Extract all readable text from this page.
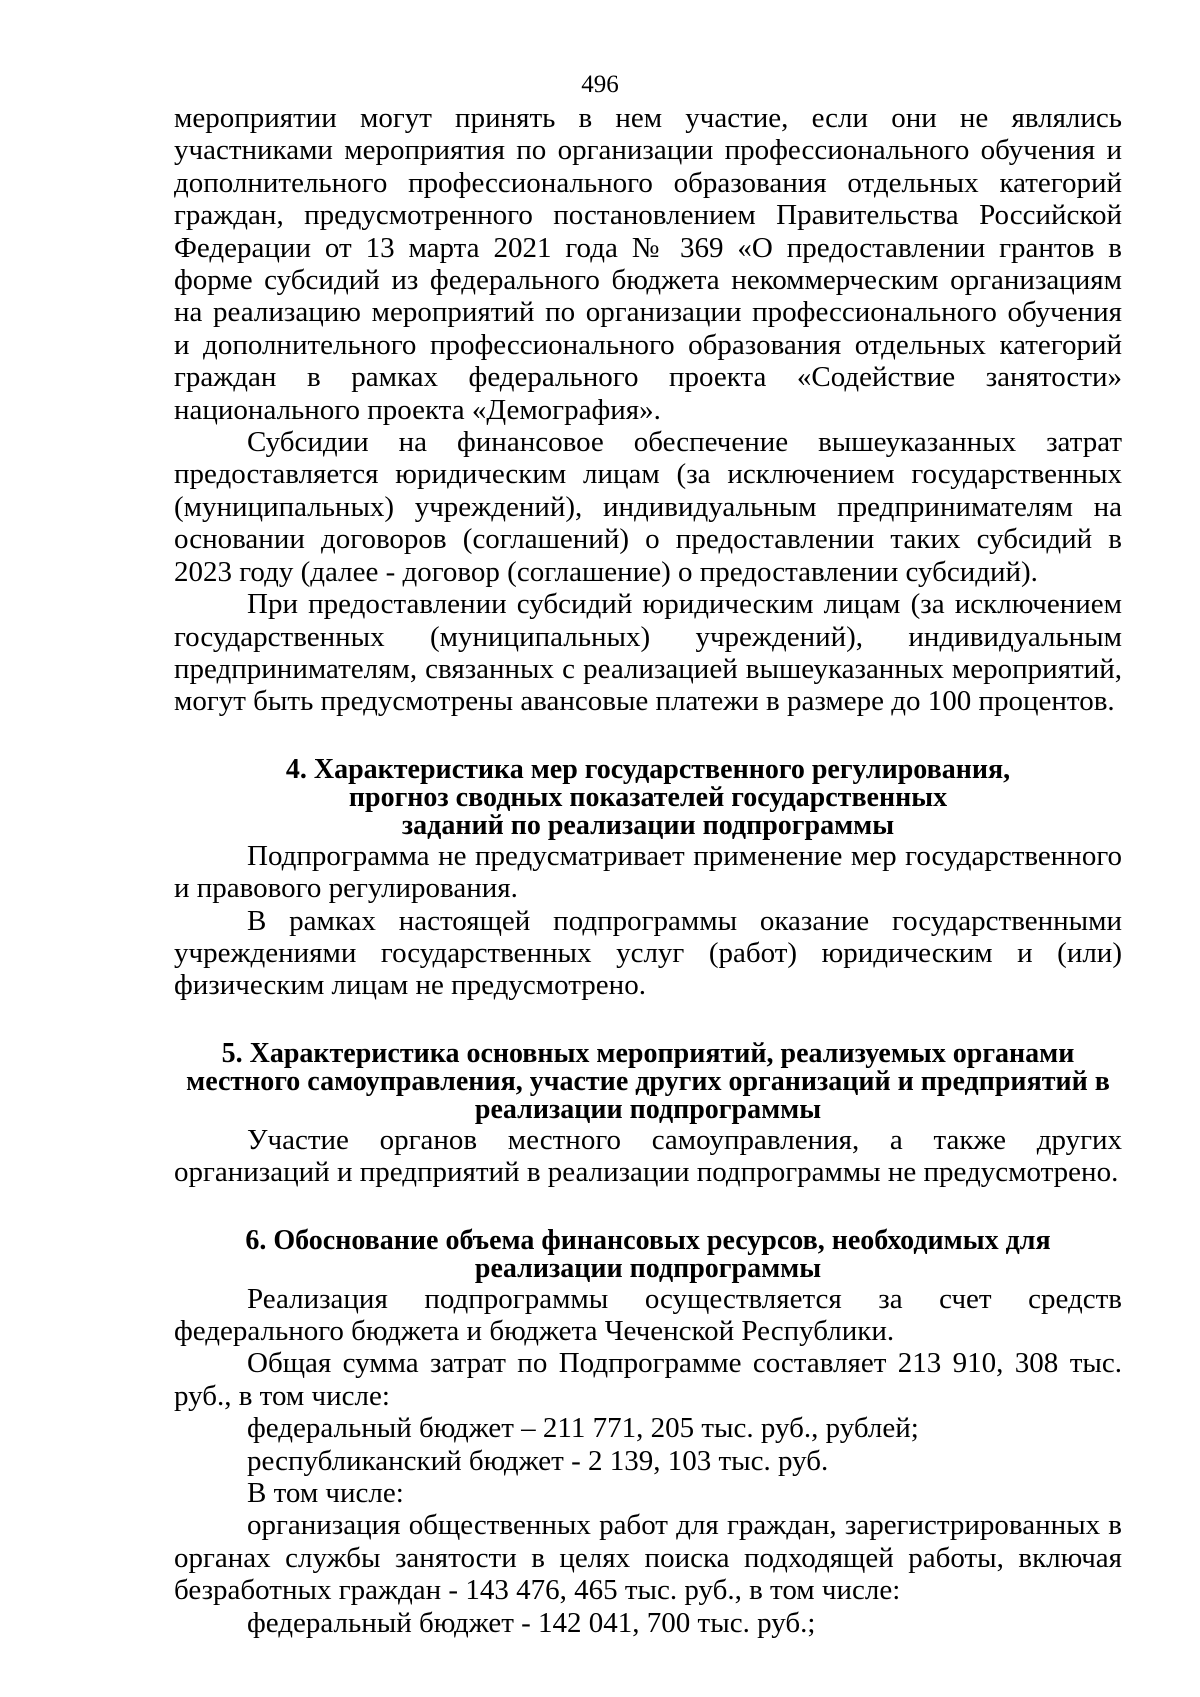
496

мероприятии могут принять в нем участие, если они не являлись участниками мероприятия по организации профессионального обучения и дополнительного профессионального образования отдельных категорий граждан, предусмотренного постановлением Правительства Российской Федерации от 13 марта 2021 года № 369 «О предоставлении грантов в форме субсидий из федерального бюджета некоммерческим организациям на реализацию мероприятий по организации профессионального обучения и дополнительного профессионального образования отдельных категорий граждан в рамках федерального проекта «Содействие занятости» национального проекта «Демография».

Субсидии на финансовое обеспечение вышеуказанных затрат предоставляется юридическим лицам (за исключением государственных (муниципальных) учреждений), индивидуальным предпринимателям на основании договоров (соглашений) о предоставлении таких субсидий в 2023 году (далее - договор (соглашение) о предоставлении субсидий).

При предоставлении субсидий юридическим лицам (за исключением государственных (муниципальных) учреждений), индивидуальным предпринимателям, связанных с реализацией вышеуказанных мероприятий, могут быть предусмотрены авансовые платежи в размере до 100 процентов.

4. Характеристика мер государственного регулирования,

прогноз сводных показателей государственных

заданий по реализации подпрограммы

Подпрограмма не предусматривает применение мер государственного и правового регулирования.

В рамках настоящей подпрограммы оказание государственными учреждениями государственных услуг (работ) юридическим и (или) физическим лицам не предусмотрено.

5. Характеристика основных мероприятий, реализуемых органами

местного самоуправления, участие других организаций и предприятий в

реализации подпрограммы

Участие органов местного самоуправления, а также других организаций и предприятий в реализации подпрограммы не предусмотрено.

6. Обоснование объема финансовых ресурсов, необходимых для

реализации подпрограммы

Реализация подпрограммы осуществляется за счет средств федерального бюджета и бюджета Чеченской Республики.

Общая сумма затрат по Подпрограмме составляет 213 910, 308 тыс. руб., в том числе:

федеральный бюджет – 211 771, 205 тыс. руб., рублей;

республиканский бюджет - 2 139, 103 тыс. руб.

В том числе:

организация общественных работ для граждан, зарегистрированных в органах службы занятости в целях поиска подходящей работы, включая безработных граждан - 143 476, 465 тыс. руб., в том числе:

федеральный бюджет - 142 041, 700 тыс. руб.;
